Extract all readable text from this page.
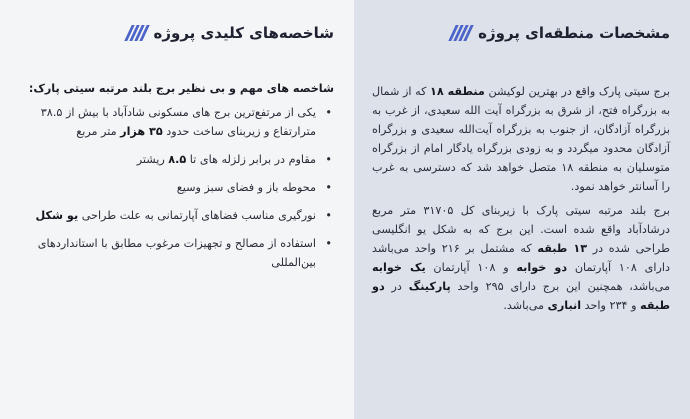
مشخصات منطقه‌ای پروژه

برج سیتی پارک واقع در بهترین لوکیشن منطقه ۱۸ که از شمال به بزرگراه فتح، از شرق به بزرگراه آیت الله سعیدی، از غرب به بزرگراه آزادگان، از جنوب به بزرگراه آیت‌الله سعیدی و بزرگراه آزادگان محدود میگردد و به زودی بزرگراه یادگار امام از بزرگراه متوسلیان به منطقه ۱۸ متصل خواهد شد که دسترسی به غرب را آسانتر خواهد نمود.

برج بلند مرتبه سیتی پارک با زیربنای کل ۳۱۷۰۵ متر مربع درشادآباد واقع شده است. این برج که به شکل یو انگلیسی طراحی شده در ۱۳ طبقه که مشتمل بر ۲۱۶ واحد می‌باشد دارای ۱۰۸ آپارتمان دو خوابه و ۱۰۸ آپارتمان یک خوابه می‌باشد، همچنین این برج دارای ۲۹۵ واحد پارکینگ در دو طبقه و ۲۳۴ واحد انباری می‌باشد.

شاخصه‌های کلیدی پروژه
شاخصه های مهم و بی نظیر برج بلند مرتبه سیتی پارک:
• یکی از مرتفع‌ترین برج های مسکونی شادآباد با بیش از ۳۸.۵ مترارتفاع و زیربنای ساخت حدود ۳۵ هزار متر مربع
• مقاوم در برابر زلزله های تا ۸.۵ ریشتر
• محوطه باز و فضای سبز وسیع
• نورگیری مناسب فضاهای آپارتمانی به علت طراحی یو شکل
• استفاده از مصالح و تجهیزات مرغوب مطابق با استانداردهای بین‌المللی
